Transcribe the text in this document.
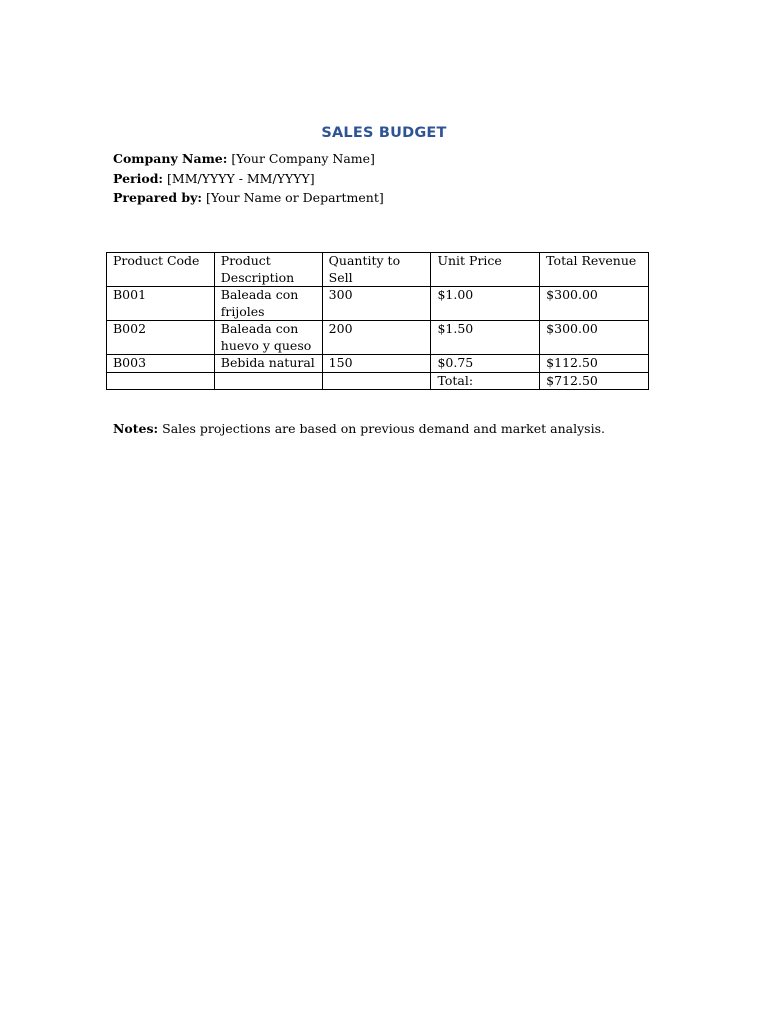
SALES BUDGET
Company Name: [Your Company Name]
Period: [MM/YYYY - MM/YYYY]
Prepared by: [Your Name or Department]
Product Code	Product Description	Quantity to Sell	Unit Price	Total Revenue
B001	Baleada con frijoles	300	$1.00	$300.00
B002	Baleada con huevo y queso	200	$1.50	$300.00
B003	Bebida natural	150	$0.75	$112.50
			Total:	$712.50
Notes: Sales projections are based on previous demand and market analysis.
